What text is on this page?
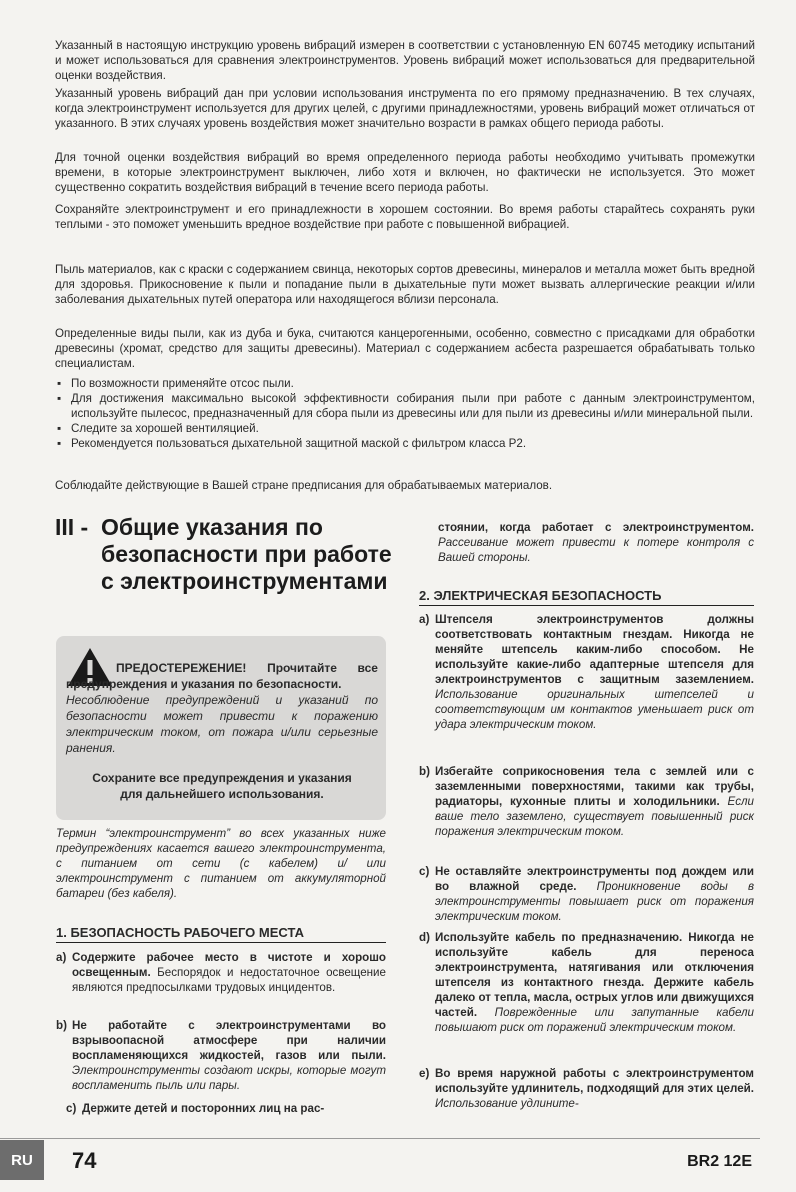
Указанный в настоящую инструкцию уровень вибраций измерен в соответствии с установленную EN 60745 методику испытаний и может использоваться для сравнения электроинструментов. Уровень вибраций может использоваться для предварительной оценки воздействия.

Указанный уровень вибраций дан при условии использования инструмента по его прямому предназначению. В тех случаях, когда электроинструмент используется для других целей, с другими принадлежностями, уровень вибраций может отличаться от указанного. В этих случаях уровень воздействия может значительно возрасти в рамках общего периода работы.

Для точной оценки воздействия вибраций во время определенного периода работы необходимо учитывать промежутки времени, в которые электроинструмент выключен, либо хотя и включен, но фактически не используется. Это может существенно сократить воздействия вибраций в течение всего периода работы.

Сохраняйте электроинструмент и его принадлежности в хорошем состоянии. Во время работы старайтесь сохранять руки теплыми - это поможет уменьшить вредное воздействие при работе с повышенной вибрацией.

Пыль материалов, как с краски с содержанием свинца, некоторых сортов древесины, минералов и металла может быть вредной для здоровья. Прикосновение к пыли и попадание пыли в дыхательные пути может вызвать аллергические реакции и/или заболевания дыхательных путей оператора или находящегося вблизи персонала.

Определенные виды пыли, как из дуба и бука, считаются канцерогенными, особенно, совместно с присадками для обработки древесины (хромат, средство для защиты древесины). Материал с содержанием асбеста разрешается обрабатывать только специалистам.

▪ По возможности применяйте отсос пыли.
▪ Для достижения максимально высокой эффективности собирания пыли при работе с данным электроинструментом, используйте пылесос, предназначенный для сбора пыли из древесины или для пыли из древесины и/или минеральной пыли.
▪ Следите за хорошей вентиляцией.
▪ Рекомендуется пользоваться дыхательной защитной маской с фильтром класса P2.

Соблюдайте действующие в Вашей стране предписания для обрабатываемых материалов.

III - Общие указания по безопасности при работе с электроинструментами
ПРЕДОСТЕРЕЖЕНИЕ! Прочитайте все предупреждения и указания по безопасности.
Несоблюдение предупреждений и указаний по безопасности может привести к поражению электрическим током, от пожара и/или серьезные ранения.
Сохраните все предупреждения и указания для дальнейшего использования.

Термин “электроинструмент” во всех указанных ниже предупреждениях касается вашего электроинструмента, с питанием от сети (с кабелем) и/ или электроинструмент с питанием от аккумуляторной батареи (без кабеля).

1. БЕЗОПАСНОСТЬ РАБОЧЕГО МЕСТА
a) Содержите рабочее место в чистоте и хорошо освещенным. Беспорядок и недостаточное освещение являются предпосылками трудовых инцидентов.
b) Не работайте с электроинструментами во взрывоопасной атмосфере при наличии воспламеняющихся жидкостей, газов или пыли. Электроинструменты создают искры, которые могут воспламенить пыль или пары.
c) Держите детей и посторонних лиц на рас-
стоянии, когда работает с электроинструментом. Рассеивание может привести к потере контроля с Вашей стороны.
2. ЭЛЕКТРИЧЕСКАЯ БЕЗОПАСНОСТЬ
a) Штепселя электроинструментов должны соответствовать контактным гнездам. Никогда не меняйте штепсель каким-либо способом. Не используйте какие-либо адаптерные штепселя для электроинструментов с защитным заземлением. Использование оригинальных штепселей и соответствующим им контактов уменьшает риск от удара электрическим током.
b) Избегайте соприкосновения тела с землей или с заземленными поверхностями, такими как трубы, радиаторы, кухонные плиты и холодильники. Если ваше тело заземлено, существует повышенный риск поражения электрическим током.
c) Не оставляйте электроинструменты под дождем или во влажной среде. Проникновение воды в электроинструменты повышает риск от поражения электрическим током.
d) Используйте кабель по предназначению. Никогда не используйте кабель для переноса электроинструмента, натягивания или отключения штепселя из контактного гнезда. Держите кабель далеко от тепла, масла, острых углов или движущихся частей. Поврежденные или запутанные кабели повышают риск от поражений электрическим током.
e) Во время наружной работы с электроинструментом используйте удлинитель, подходящий для этих целей. Использование удлините-
RU	74	BR2 12E
